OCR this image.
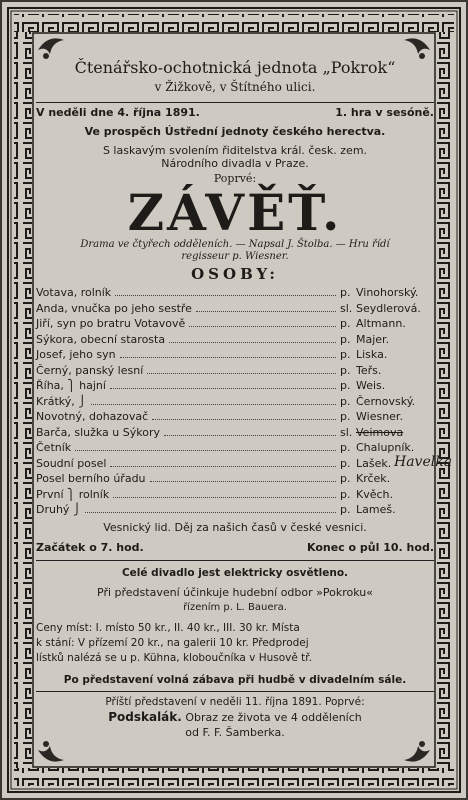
Čtenářsko-ochotnická jednota „Pokrok“
v Žižkově, v Štítného ulici.
V neděli dne 4. října 1891.	1. hra v sesóně.
Ve prospěch Ústřední jednoty českého herectva.
S laskavým svolením řiditelstva král. česk. zem.
Národního divadla v Praze.
Poprvé:
ZÁVĚŤ.
Drama ve čtyřech odděleních. — Napsal J. Štolba. — Hru řídí
regisseur p. Wiesner.
OSOBY:
Votava, rolník	p. Vinohorský.
Anda, vnučka po jeho sestře	sl. Seydlerová.
Jiří, syn po bratru Votavově	p. Altmann.
Sýkora, obecní starosta	p. Majer.
Josef, jeho syn	p. Liska.
Černý, panský lesní	p. Teřs.
Říha, ⎫ hajní	p. Weis.
Krátký, ⎭	p. Černovský.
Novotný, dohazovač	p. Wiesner.
Barča, služka u Sýkory	sl. Veimova
Četník	p. Chalupník.
Soudní posel	p. Lašek.
Posel berního úřadu	p. Krček.
První ⎫ rolník	p. Kvěch.
Druhý ⎭	p. Lameš.
Vesnický lid. Děj za našich časů v české vesnici.
Začátek o 7. hod.	Konec o půl 10. hod.
Celé divadlo jest elektricky osvětleno.
Při představení účinkuje hudební odbor »Pokroku«
řízením p. L. Bauera.
Ceny míst: I. místo 50 kr., II. 40 kr., III. 30 kr. Místa
k stání: V přízemí 20 kr., na galerii 10 kr. Předprodej
lístků nalézá se u p. Kühna, kloboučníka v Husově tř.
Po představení volná zábava při hudbě v divadelním sále.
Příští představení v neděli 11. října 1891. Poprvé:
Podskalák. Obraz ze života ve 4 odděleních
od F. F. Šamberka.
Havelka
